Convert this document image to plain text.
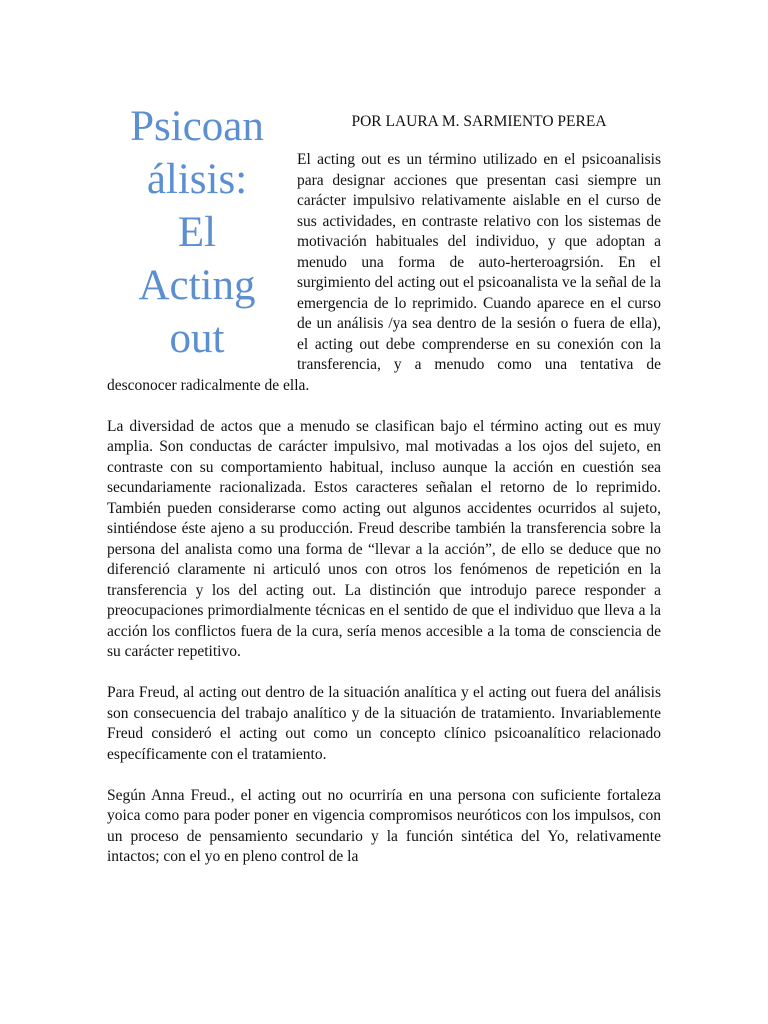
Psicoan
álisis:
El
Acting
out
POR LAURA M. SARMIENTO PEREA

El acting out es un término utilizado en el psicoanalisis para designar acciones que presentan casi siempre un carácter impulsivo relativamente aislable en el curso de sus actividades, en contraste relativo con los sistemas de motivación habituales del individuo, y que adoptan a menudo una forma de auto-herteroagrsión. En el surgimiento del acting out el psicoanalista ve la señal de la emergencia de lo reprimido. Cuando aparece en el curso de un análisis /ya sea dentro de la sesión o fuera de ella), el acting out debe comprenderse en su conexión con la transferencia, y a menudo como una tentativa de desconocer radicalmente de ella.

La diversidad de actos que a menudo se clasifican bajo el término acting out es muy amplia. Son conductas de carácter impulsivo, mal motivadas a los ojos del sujeto, en contraste con su comportamiento habitual, incluso aunque la acción en cuestión sea secundariamente racionalizada. Estos caracteres señalan el retorno de lo reprimido. También pueden considerarse como acting out algunos accidentes ocurridos al sujeto, sintiéndose éste ajeno a su producción. Freud describe también la transferencia sobre la persona del analista como una forma de “llevar a la acción”, de ello se deduce que no diferenció claramente ni articuló unos con otros los fenómenos de repetición en la transferencia y los del acting out. La distinción que introdujo parece responder a preocupaciones primordialmente técnicas en el sentido de que el individuo que lleva a la acción los conflictos fuera de la cura, sería menos accesible a la toma de consciencia de su carácter repetitivo.

Para Freud, al acting out dentro de la situación analítica y el acting out fuera del análisis son consecuencia del trabajo analítico y de la situación de tratamiento. Invariablemente Freud consideró el acting out como un concepto clínico psicoanalítico relacionado específicamente con el tratamiento.

Según Anna Freud., el acting out no ocurriría en una persona con suficiente fortaleza yoica como para poder poner en vigencia compromisos neuróticos con los impulsos, con un proceso de pensamiento secundario y la función sintética del Yo, relativamente intactos; con el yo en pleno control de la
